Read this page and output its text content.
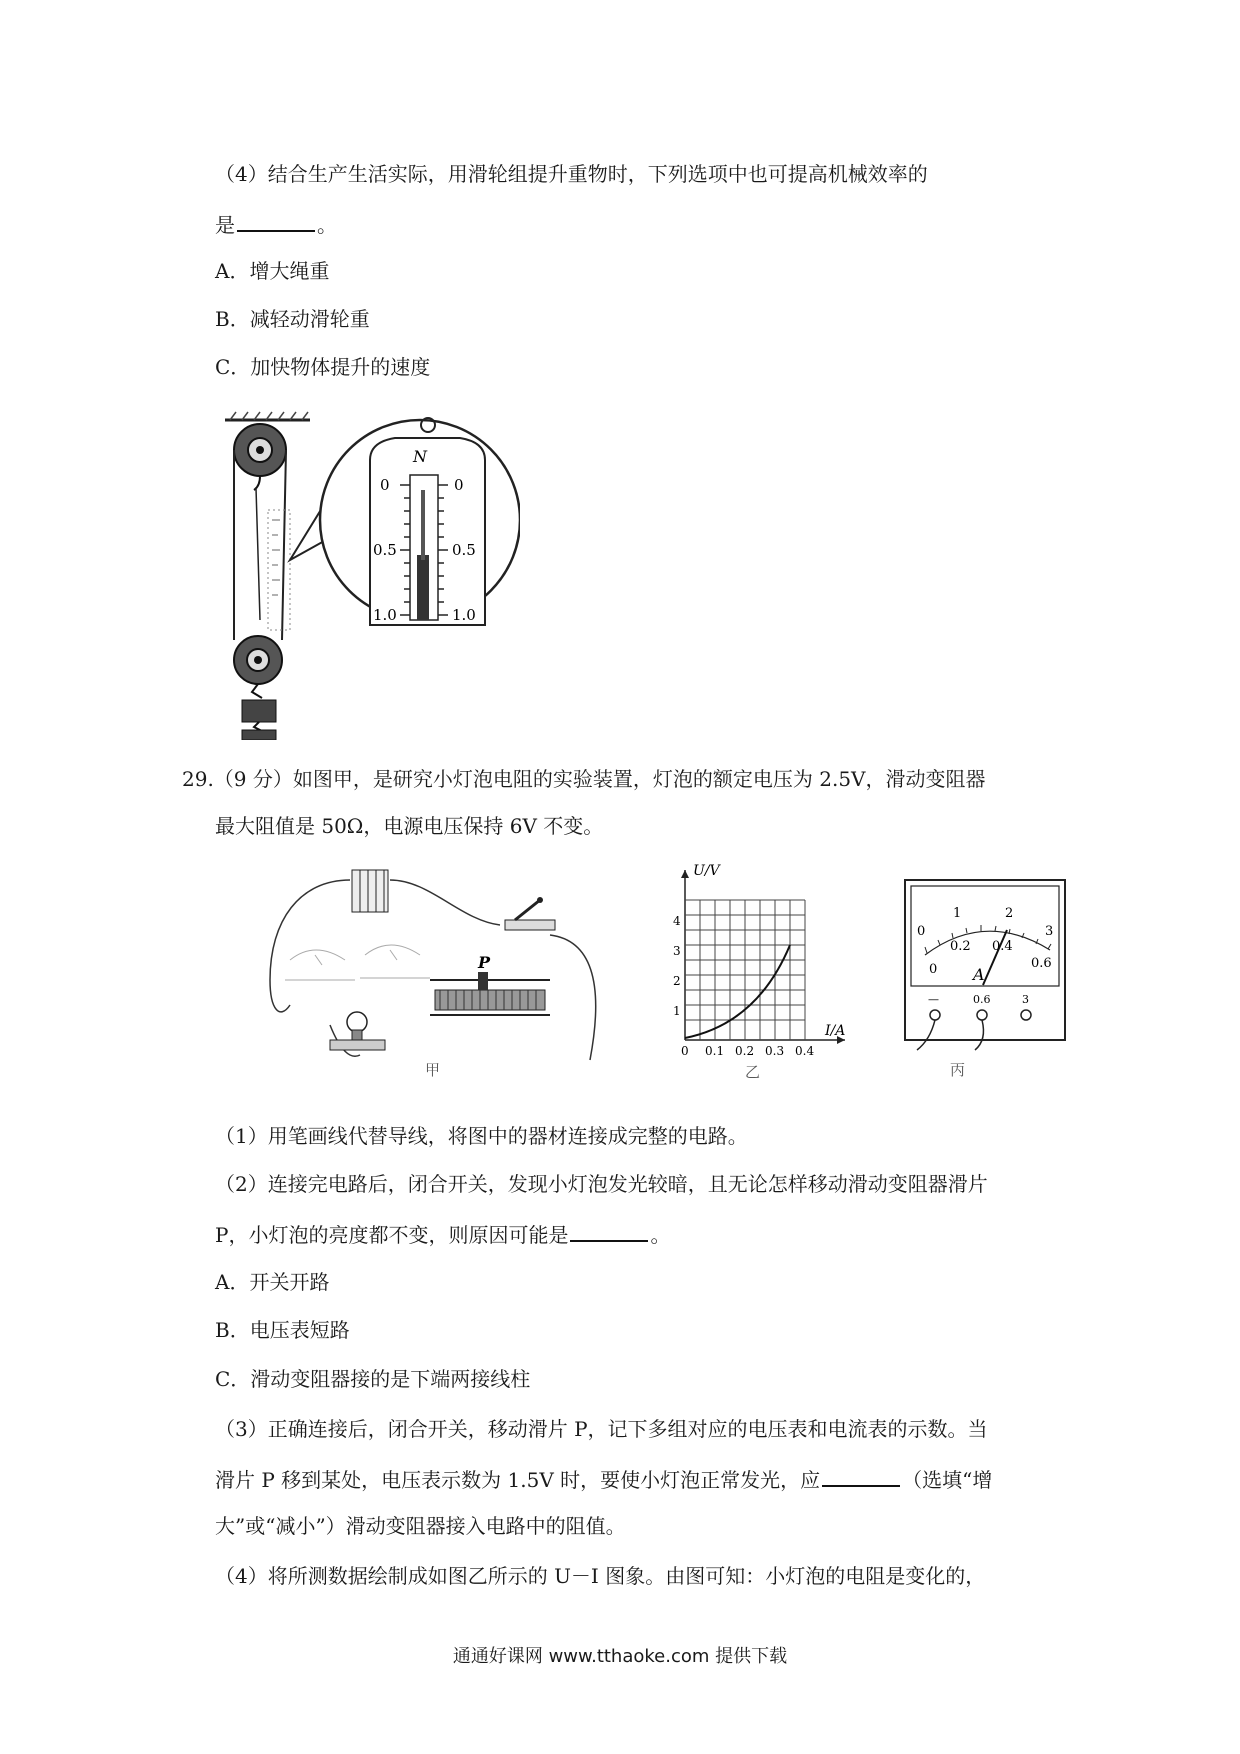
（4）结合生产生活实际，用滑轮组提升重物时，下列选项中也可提高机械效率的
是	。
A．增大绳重
B．减轻动滑轮重
C．加快物体提升的速度
N
0
0.5
1.0
0
0.5
1.0
29.（9 分）如图甲，是研究小灯泡电阻的实验装置，灯泡的额定电压为 2.5V，滑动变阻器
最大阻值是 50Ω，电源电压保持 6V 不变。
P
甲
U/V
I/A
1
2
3
4
0 0.1 0.2 0.3 0.4
乙
0
1	2
3
0
0.2 0.4
0.6
A
—	0.6	3
丙
（1）用笔画线代替导线，将图中的器材连接成完整的电路。
（2）连接完电路后，闭合开关，发现小灯泡发光较暗，且无论怎样移动滑动变阻器滑片
P，小灯泡的亮度都不变，则原因可能是	。
A．开关开路
B．电压表短路
C．滑动变阻器接的是下端两接线柱
（3）正确连接后，闭合开关，移动滑片 P，记下多组对应的电压表和电流表的示数。当
滑片 P 移到某处，电压表示数为 1.5V 时，要使小灯泡正常发光，应	（选填“增
大”或“减小”）滑动变阻器接入电路中的阻值。
（4）将所测数据绘制成如图乙所示的 U－I 图象。由图可知：小灯泡的电阻是变化的，
通通好课网 www.tthaoke.com 提供下载
